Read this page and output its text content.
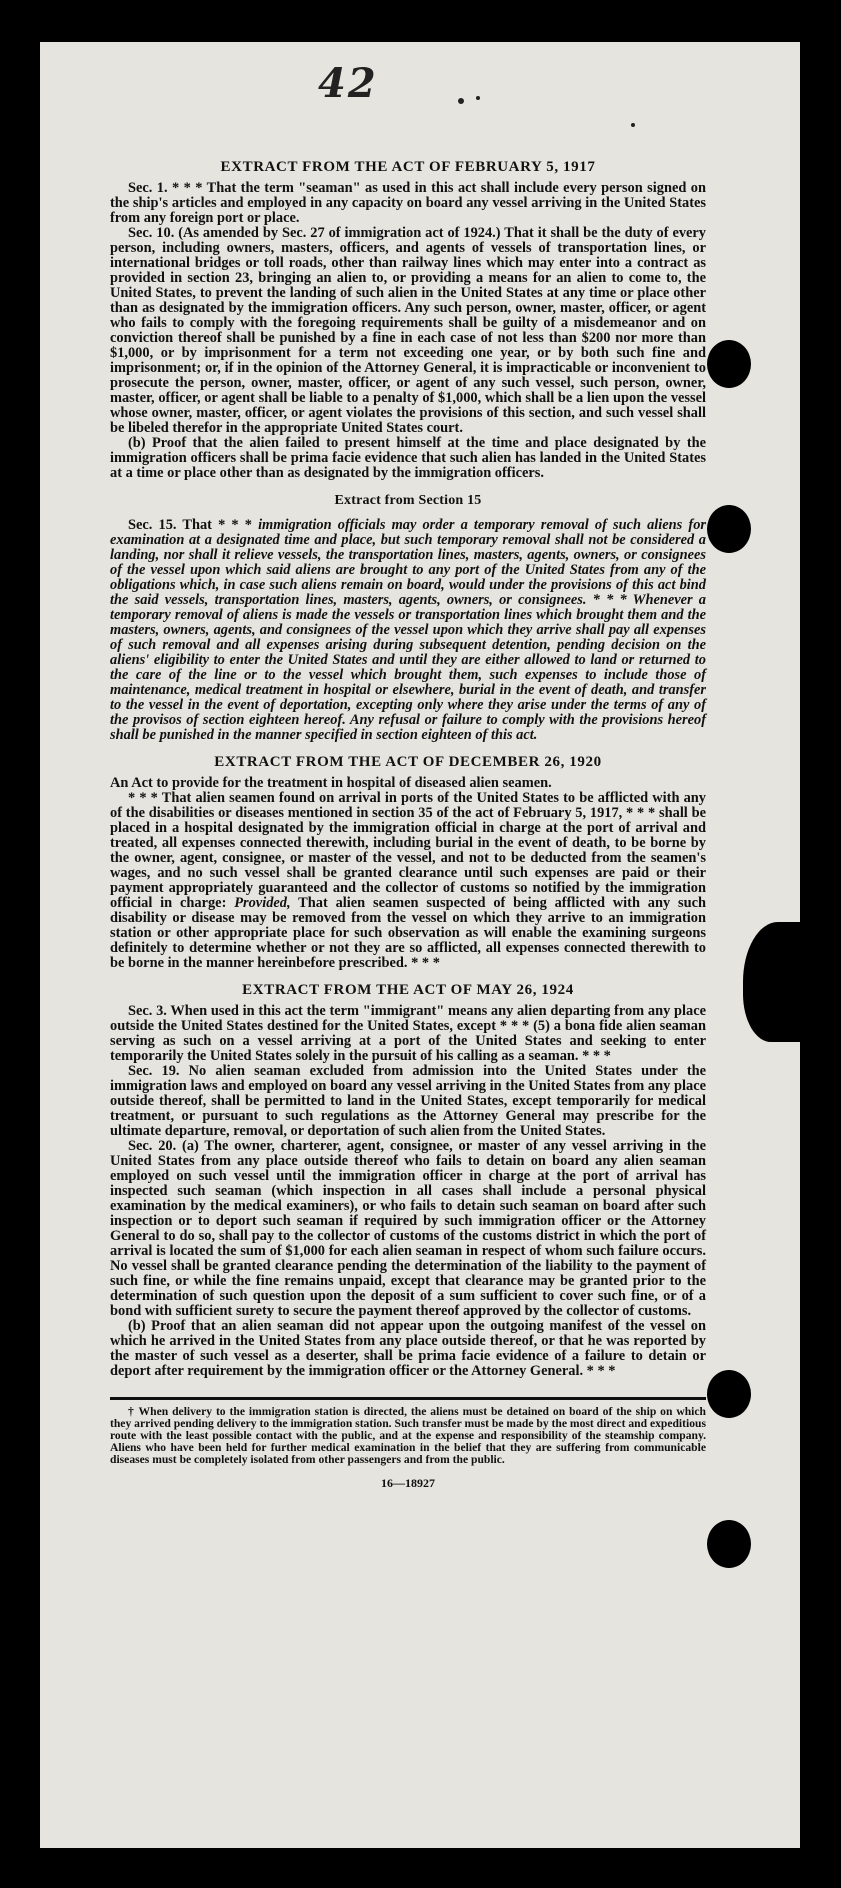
42
EXTRACT FROM THE ACT OF FEBRUARY 5, 1917

Sec. 1. * * * That the term "seaman" as used in this act shall include every person signed on the ship's articles and employed in any capacity on board any vessel arriving in the United States from any foreign port or place.

Sec. 10. (As amended by Sec. 27 of immigration act of 1924.) That it shall be the duty of every person, including owners, masters, officers, and agents of vessels of transportation lines, or international bridges or toll roads, other than railway lines which may enter into a contract as provided in section 23, bringing an alien to, or providing a means for an alien to come to, the United States, to prevent the landing of such alien in the United States at any time or place other than as designated by the immigration officers. Any such person, owner, master, officer, or agent who fails to comply with the foregoing requirements shall be guilty of a misdemeanor and on conviction thereof shall be punished by a fine in each case of not less than $200 nor more than $1,000, or by imprisonment for a term not exceeding one year, or by both such fine and imprisonment; or, if in the opinion of the Attorney General, it is impracticable or inconvenient to prosecute the person, owner, master, officer, or agent of any such vessel, such person, owner, master, officer, or agent shall be liable to a penalty of $1,000, which shall be a lien upon the vessel whose owner, master, officer, or agent violates the provisions of this section, and such vessel shall be libeled therefor in the appropriate United States court.

(b) Proof that the alien failed to present himself at the time and place designated by the immigration officers shall be prima facie evidence that such alien has landed in the United States at a time or place other than as designated by the immigration officers.

Extract from Section 15

Sec. 15. That * * * immigration officials may order a temporary removal of such aliens for examination at a designated time and place, but such temporary removal shall not be considered a landing, nor shall it relieve vessels, the transportation lines, masters, agents, owners, or consignees of the vessel upon which said aliens are brought to any port of the United States from any of the obligations which, in case such aliens remain on board, would under the provisions of this act bind the said vessels, transportation lines, masters, agents, owners, or consignees. * * * Whenever a temporary removal of aliens is made the vessels or transportation lines which brought them and the masters, owners, agents, and consignees of the vessel upon which they arrive shall pay all expenses of such removal and all expenses arising during subsequent detention, pending decision on the aliens' eligibility to enter the United States and until they are either allowed to land or returned to the care of the line or to the vessel which brought them, such expenses to include those of maintenance, medical treatment in hospital or elsewhere, burial in the event of death, and transfer to the vessel in the event of deportation, excepting only where they arise under the terms of any of the provisos of section eighteen hereof. Any refusal or failure to comply with the provisions hereof shall be punished in the manner specified in section eighteen of this act.

EXTRACT FROM THE ACT OF DECEMBER 26, 1920

An Act to provide for the treatment in hospital of diseased alien seamen.

* * * That alien seamen found on arrival in ports of the United States to be afflicted with any of the disabilities or diseases mentioned in section 35 of the act of February 5, 1917, * * * shall be placed in a hospital designated by the immigration official in charge at the port of arrival and treated, all expenses connected therewith, including burial in the event of death, to be borne by the owner, agent, consignee, or master of the vessel, and not to be deducted from the seamen's wages, and no such vessel shall be granted clearance until such expenses are paid or their payment appropriately guaranteed and the collector of customs so notified by the immigration official in charge: Provided, That alien seamen suspected of being afflicted with any such disability or disease may be removed from the vessel on which they arrive to an immigration station or other appropriate place for such observation as will enable the examining surgeons definitely to determine whether or not they are so afflicted, all expenses connected therewith to be borne in the manner hereinbefore prescribed. * * *

EXTRACT FROM THE ACT OF MAY 26, 1924

Sec. 3. When used in this act the term "immigrant" means any alien departing from any place outside the United States destined for the United States, except * * * (5) a bona fide alien seaman serving as such on a vessel arriving at a port of the United States and seeking to enter temporarily the United States solely in the pursuit of his calling as a seaman. * * *

Sec. 19. No alien seaman excluded from admission into the United States under the immigration laws and employed on board any vessel arriving in the United States from any place outside thereof, shall be permitted to land in the United States, except temporarily for medical treatment, or pursuant to such regulations as the Attorney General may prescribe for the ultimate departure, removal, or deportation of such alien from the United States.

Sec. 20. (a) The owner, charterer, agent, consignee, or master of any vessel arriving in the United States from any place outside thereof who fails to detain on board any alien seaman employed on such vessel until the immigration officer in charge at the port of arrival has inspected such seaman (which inspection in all cases shall include a personal physical examination by the medical examiners), or who fails to detain such seaman on board after such inspection or to deport such seaman if required by such immigration officer or the Attorney General to do so, shall pay to the collector of customs of the customs district in which the port of arrival is located the sum of $1,000 for each alien seaman in respect of whom such failure occurs. No vessel shall be granted clearance pending the determination of the liability to the payment of such fine, or while the fine remains unpaid, except that clearance may be granted prior to the determination of such question upon the deposit of a sum sufficient to cover such fine, or of a bond with sufficient surety to secure the payment thereof approved by the collector of customs.

(b) Proof that an alien seaman did not appear upon the outgoing manifest of the vessel on which he arrived in the United States from any place outside thereof, or that he was reported by the master of such vessel as a deserter, shall be prima facie evidence of a failure to detain or deport after requirement by the immigration officer or the Attorney General. * * *

† When delivery to the immigration station is directed, the aliens must be detained on board of the ship on which they arrived pending delivery to the immigration station. Such transfer must be made by the most direct and expeditious route with the least possible contact with the public, and at the expense and responsibility of the steamship company. Aliens who have been held for further medical examination in the belief that they are suffering from communicable diseases must be completely isolated from other passengers and from the public.

16—18927
